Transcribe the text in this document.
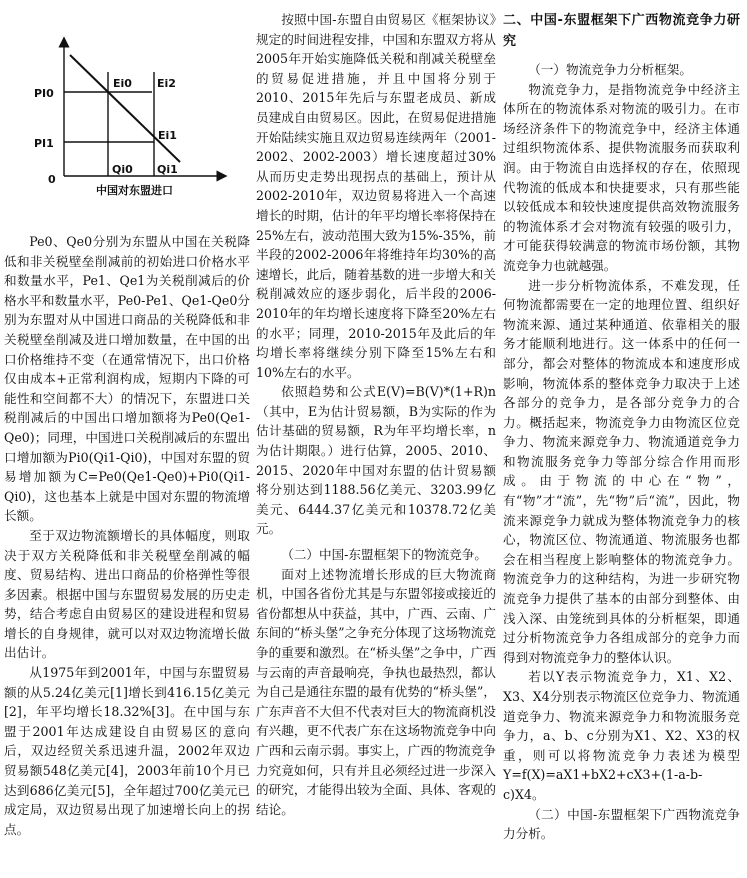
PI0
PI1
0
Ei0 Ei2
Ei1
Qi0 Qi1
中国对东盟进口

Pe0、Qe0分别为东盟从中国在关税降低和非关税壁垒削减前的初始进口价格水平和数量水平，Pe1、Qe1为关税削减后的价格水平和数量水平，Pe0-Pe1、Qe1-Qe0分别为东盟对从中国进口商品的关税降低和非关税壁垒削减及进口增加数量，在中国的出口价格维持不变（在通常情况下，出口价格仅由成本+正常利润构成，短期内下降的可能性和空间都不大）的情况下，东盟进口关税削减后的中国出口增加额将为Pe0(Qe1-Qe0)；同理，中国进口关税削减后的东盟出口增加额为Pi0(Qi1-Qi0)，中国对东盟的贸易增加额为C=Pe0(Qe1-Qe0)+Pi0(Qi1-Qi0)，这也基本上就是中国对东盟的物流增长额。

至于双边物流额增长的具体幅度，则取决于双方关税降低和非关税壁垒削减的幅度、贸易结构、进出口商品的价格弹性等很多因素。根据中国与东盟贸易发展的历史走势，结合考虑自由贸易区的建设进程和贸易增长的自身规律，就可以对双边物流增长做出估计。

从1975年到2001年，中国与东盟贸易额的从5.24亿美元[1]增长到416.15亿美元[2]，年平均增长18.32%[3]。在中国与东盟于2001年达成建设自由贸易区的意向后，双边经贸关系迅速升温，2002年双边贸易额548亿美元[4]，2003年前10个月已达到686亿美元[5]，全年超过700亿美元已成定局，双边贸易出现了加速增长向上的拐点。

按照中国-东盟自由贸易区《框架协议》规定的时间进程安排，中国和东盟双方将从2005年开始实施降低关税和削减关税壁垒的贸易促进措施，并且中国将分别于2010、2015年先后与东盟老成员、新成员建成自由贸易区。因此，在贸易促进措施开始陆续实施且双边贸易连续两年（2001-2002、2002-2003）增长速度超过30%从而历史走势出现拐点的基础上，预计从2002-2010年，双边贸易将进入一个高速增长的时期，估计的年平均增长率将保持在25%左右，波动范围大致为15%-35%，前半段的2002-2006年将维持年均30%的高速增长，此后，随着基数的进一步增大和关税削减效应的逐步弱化，后半段的2006-2010年的年均增长速度将下降至20%左右的水平；同理，2010-2015年及此后的年均增长率将继续分别下降至15%左右和10%左右的水平。

依照趋势和公式E(V)=B(V)*(1+R)n（其中，E为估计贸易额，B为实际的作为估计基础的贸易额，R为年平均增长率，n为估计期限。）进行估算，2005、2010、2015、2020年中国对东盟的估计贸易额将分别达到1188.56亿美元、3203.99亿美元、6444.37亿美元和10378.72亿美元。

（二）中国-东盟框架下的物流竞争。

面对上述物流增长形成的巨大物流商机，中国各省份尤其是与东盟邻接或接近的省份都想从中获益，其中，广西、云南、广东间的“桥头堡”之争充分体现了这场物流竞争的重要和激烈。在“桥头堡”之争中，广西与云南的声音最响亮，争执也最热烈，都认为自己是通往东盟的最有优势的“桥头堡”，广东声音不大但不代表对巨大的物流商机没有兴趣，更不代表广东在这场物流竞争中向广西和云南示弱。事实上，广西的物流竞争力究竟如何，只有并且必须经过进一步深入的研究，才能得出较为全面、具体、客观的结论。

二、中国-东盟框架下广西物流竞争力研究

（一）物流竞争力分析框架。

物流竞争力，是指物流竞争中经济主体所在的物流体系对物流的吸引力。在市场经济条件下的物流竞争中，经济主体通过组织物流体系、提供物流服务而获取利润。由于物流自由选择权的存在，依照现代物流的低成本和快捷要求，只有那些能以较低成本和较快速度提供高效物流服务的物流体系才会对物流有较强的吸引力，才可能获得较满意的物流市场份额，其物流竞争力也就越强。

进一步分析物流体系，不难发现，任何物流都需要在一定的地理位置、组织好物流来源、通过某种通道、依靠相关的服务才能顺利地进行。这一体系中的任何一部分，都会对整体的物流成本和速度形成影响，物流体系的整体竞争力取决于上述各部分的竞争力，是各部分竞争力的合力。概括起来，物流竞争力由物流区位竞争力、物流来源竞争力、物流通道竞争力和物流服务竞争力等部分综合作用而形成。由于物流的中心在“物”，有“物”才“流”，先“物”后“流”，因此，物流来源竞争力就成为整体物流竞争力的核心，物流区位、物流通道、物流服务也都会在相当程度上影响整体的物流竞争力。物流竞争力的这种结构，为进一步研究物流竞争力提供了基本的由部分到整体、由浅入深、由笼统到具体的分析框架，即通过分析物流竞争力各组成部分的竞争力而得到对物流竞争力的整体认识。

若以Y表示物流竞争力，X1、X2、X3、X4分别表示物流区位竞争力、物流通道竞争力、物流来源竞争力和物流服务竞争力，a、b、c分别为X1、X2、X3的权重，则可以将物流竞争力表述为模型Y=f(X)=aX1+bX2+cX3+(1-a-b-c)X4。

（二）中国-东盟框架下广西物流竞争力分析。
